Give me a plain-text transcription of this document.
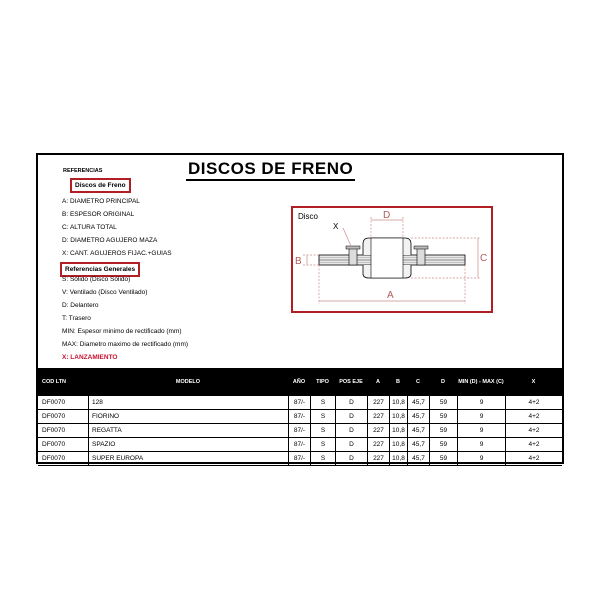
REFERENCIAS	DISCOS DE FRENO
Discos de Freno
A: DIAMETRO PRINCIPAL
B: ESPESOR ORIGINAL
C: ALTURA TOTAL
D: DIAMETRO AGUJERO MAZA
X: CANT. AGUJEROS FIJAC.+GUIAS
Referencias Generales
S: Sólido (Disco Sólido)
V: Ventilado (Disco Ventilado)
D: Delantero
T: Trasero
MIN: Espesor minimo de rectificado (mm)
MAX: Diametro maximo de rectificado (mm)
X: LANZAMIENTO
Disco	D
A
C
B
X
COD LTN	MODELO	AÑO	TIPO	POS EJE	A	B	C	D	MIN (D) - MAX (C)	X
DF0070	128	87/-	S	D	227	10,8	45,7	59	9	4+2
DF0070	FIORINO	87/-	S	D	227	10,8	45,7	59	9	4+2
DF0070	REGATTA	87/-	S	D	227	10,8	45,7	59	9	4+2
DF0070	SPAZIO	87/-	S	D	227	10,8	45,7	59	9	4+2
DF0070	SUPER EUROPA	87/-	S	D	227	10,8	45,7	59	9	4+2
